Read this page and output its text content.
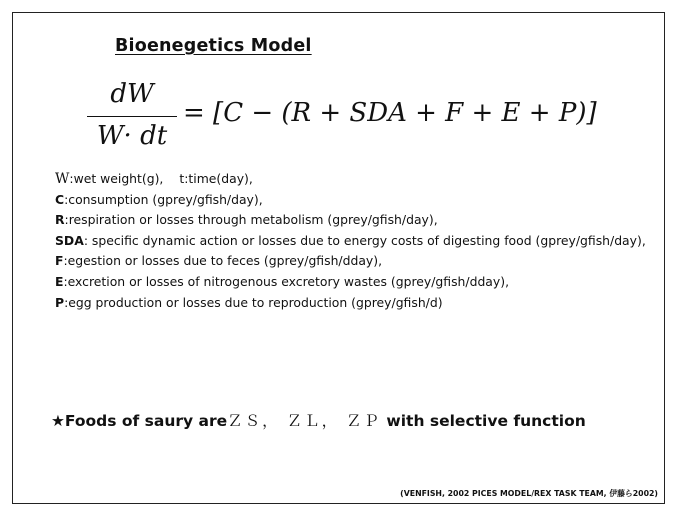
Bioenegetics Model
dW
W· dt
= [C − (R + SDA + F + E + P)]
W:wet weight(g), t:time(day),
C:consumption (gprey/gfish/day),
R:respiration or losses through metabolism (gprey/gfish/day),
SDA: specific dynamic action or losses due to energy costs of digesting food (gprey/gfish/day),
F:egestion or losses due to feces (gprey/gfish/dday),
E:excretion or losses of nitrogenous excretory wastes (gprey/gfish/dday),
P:egg production or losses due to reproduction (gprey/gfish/d)
★Foods of saury areＺＳ， ＺＬ， ＺＰ with selective function
(VENFISH, 2002 PICES MODEL/REX TASK TEAM, 伊藤ら2002)
